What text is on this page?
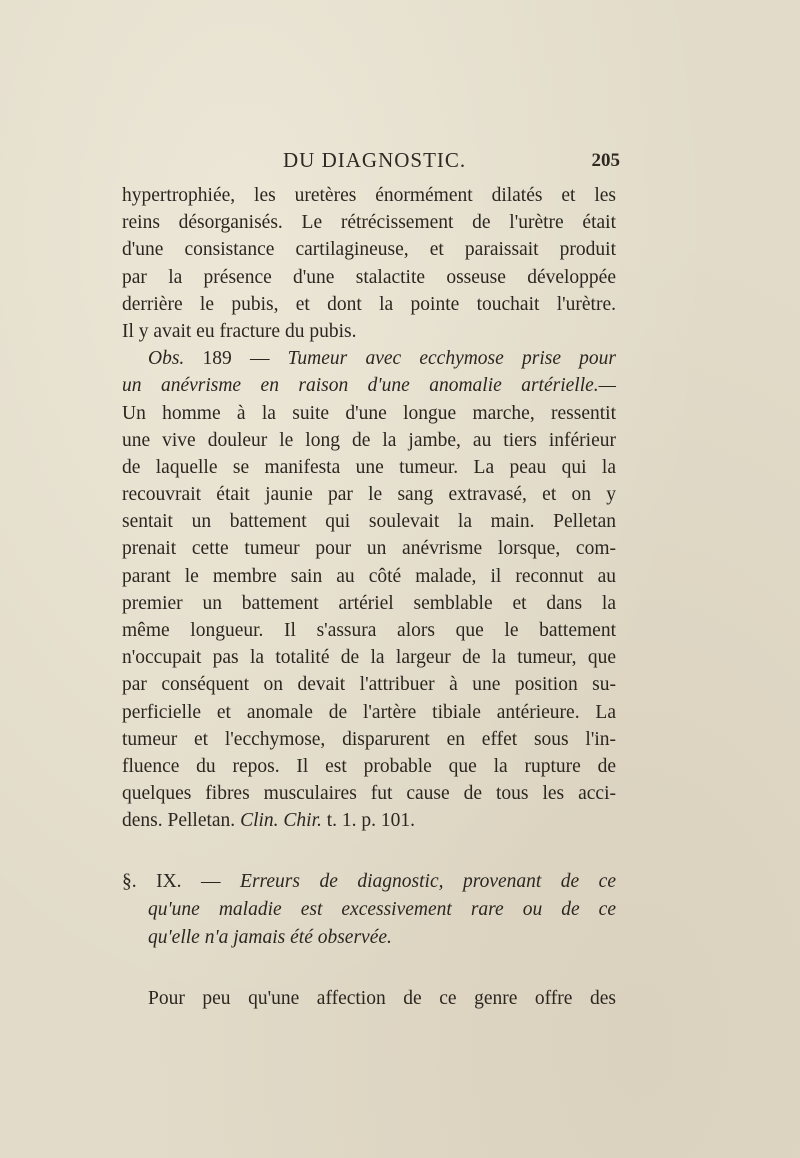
DU DIAGNOSTIC.	205
hypertrophiée, les uretères énormément dilatés et les
reins désorganisés. Le rétrécissement de l'urètre était
d'une consistance cartilagineuse, et paraissait produit
par la présence d'une stalactite osseuse développée
derrière le pubis, et dont la pointe touchait l'urètre.
Il y avait eu fracture du pubis.
Obs. 189 — Tumeur avec ecchymose prise pour
un anévrisme en raison d'une anomalie artérielle.—
Un homme à la suite d'une longue marche, ressentit
une vive douleur le long de la jambe, au tiers inférieur
de laquelle se manifesta une tumeur. La peau qui la
recouvrait était jaunie par le sang extravasé, et on y
sentait un battement qui soulevait la main. Pelletan
prenait cette tumeur pour un anévrisme lorsque, com-
parant le membre sain au côté malade, il reconnut au
premier un battement artériel semblable et dans la
même longueur. Il s'assura alors que le battement
n'occupait pas la totalité de la largeur de la tumeur, que
par conséquent on devait l'attribuer à une position su-
perficielle et anomale de l'artère tibiale antérieure. La
tumeur et l'ecchymose, disparurent en effet sous l'in-
fluence du repos. Il est probable que la rupture de
quelques fibres musculaires fut cause de tous les acci-
dens. Pelletan. Clin. Chir. t. 1. p. 101.
§. IX. — Erreurs de diagnostic, provenant de ce
qu'une maladie est excessivement rare ou de ce
qu'elle n'a jamais été observée.
Pour peu qu'une affection de ce genre offre des
